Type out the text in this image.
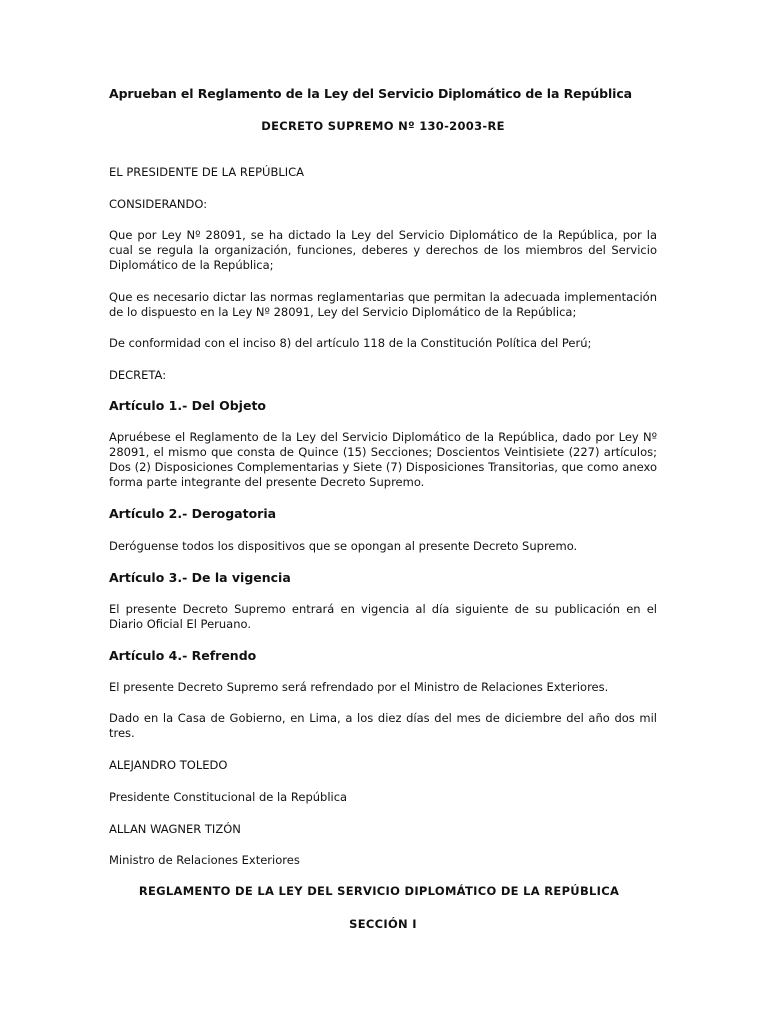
Aprueban el Reglamento de la Ley del Servicio Diplomático de la República

DECRETO SUPREMO Nº 130-2003-RE

EL PRESIDENTE DE LA REPÚBLICA

CONSIDERANDO:

Que por Ley Nº 28091, se ha dictado la Ley del Servicio Diplomático de la República, por la cual se regula la organización, funciones, deberes y derechos de los miembros del Servicio Diplomático de la República;

Que es necesario dictar las normas reglamentarias que permitan la adecuada implementación de lo dispuesto en la Ley Nº 28091, Ley del Servicio Diplomático de la República;

De conformidad con el inciso 8) del artículo 118 de la Constitución Política del Perú;

DECRETA:

Artículo 1.- Del Objeto

Apruébese el Reglamento de la Ley del Servicio Diplomático de la República, dado por Ley Nº 28091, el mismo que consta de Quince (15) Secciones; Doscientos Veintisiete (227) artículos; Dos (2) Disposiciones Complementarias y Siete (7) Disposiciones Transitorias, que como anexo forma parte integrante del presente Decreto Supremo.

Artículo 2.- Derogatoria

Deróguense todos los dispositivos que se opongan al presente Decreto Supremo.

Artículo 3.- De la vigencia

El presente Decreto Supremo entrará en vigencia al día siguiente de su publicación en el Diario Oficial El Peruano.

Artículo 4.- Refrendo

El presente Decreto Supremo será refrendado por el Ministro de Relaciones Exteriores.

Dado en la Casa de Gobierno, en Lima, a los diez días del mes de diciembre del año dos mil tres.

ALEJANDRO TOLEDO

Presidente Constitucional de la República

ALLAN WAGNER TIZÓN

Ministro de Relaciones Exteriores

REGLAMENTO DE LA LEY DEL SERVICIO DIPLOMÁTICO DE LA REPÚBLICA

SECCIÓN I
